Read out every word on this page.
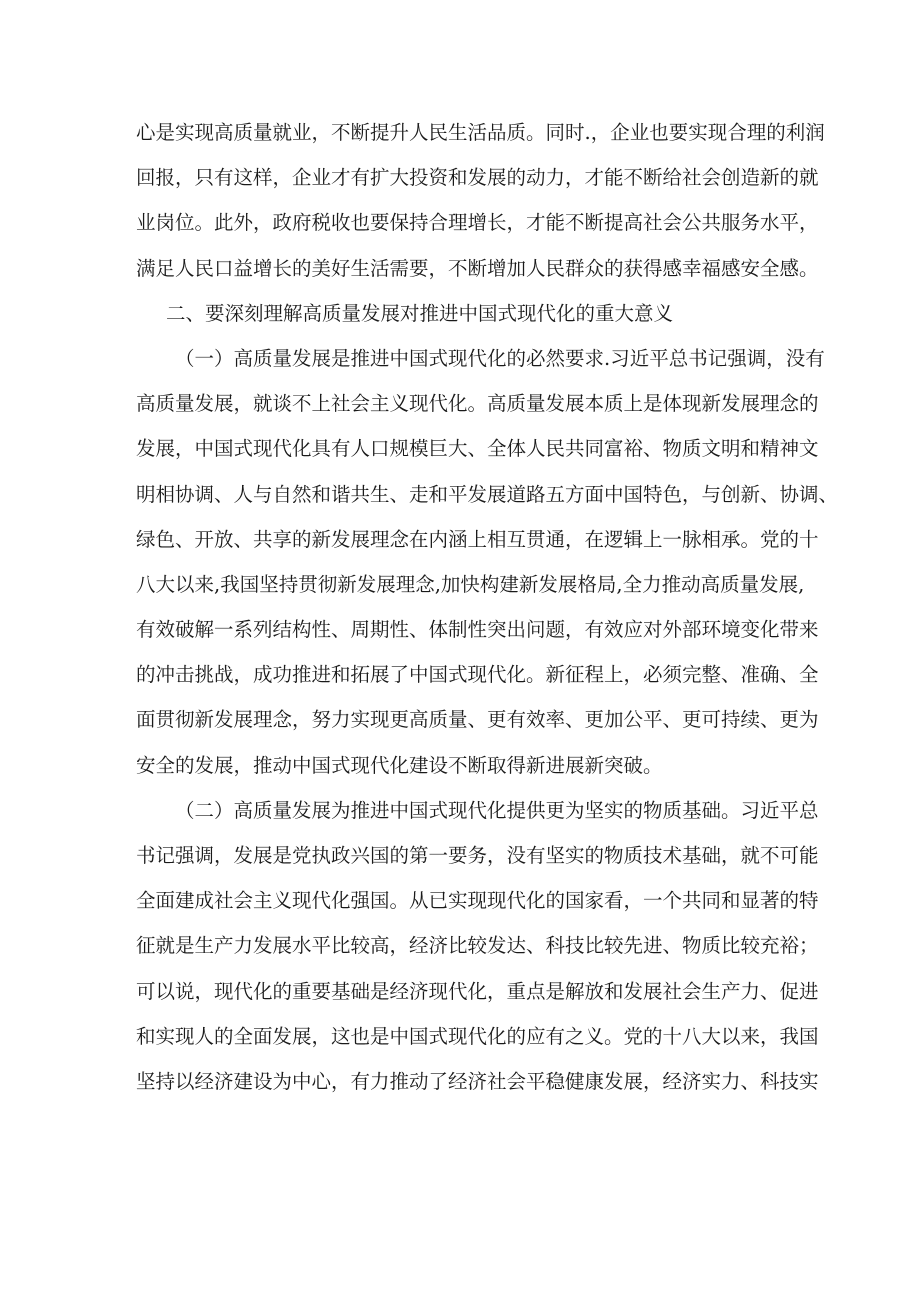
心是实现高质量就业，不断提升人民生活品质。同时.，企业也要实现合理的利润
回报，只有这样，企业才有扩大投资和发展的动力，才能不断给社会创造新的就
业岗位。此外，政府税收也要保持合理增长，才能不断提高社会公共服务水平，
满足人民口益增长的美好生活需要，不断增加人民群众的获得感幸福感安全感。
二、要深刻理解高质量发展对推进中国式现代化的重大意义
（一）高质量发展是推进中国式现代化的必然要求.习近平总书记强调，没有
高质量发展，就谈不上社会主义现代化。高质量发展本质上是体现新发展理念的
发展，中国式现代化具有人口规模巨大、全体人民共同富裕、物质文明和精神文
明相协调、人与自然和谐共生、走和平发展道路五方面中国特色，与创新、协调、
绿色、开放、共享的新发展理念在内涵上相互贯通，在逻辑上一脉相承。党的十
八大以来,我国坚持贯彻新发展理念,加快构建新发展格局,全力推动高质量发展,
有效破解一系列结构性、周期性、体制性突出问题，有效应对外部环境变化带来
的冲击挑战，成功推进和拓展了中国式现代化。新征程上，必须完整、准确、全
面贯彻新发展理念，努力实现更高质量、更有效率、更加公平、更可持续、更为
安全的发展，推动中国式现代化建设不断取得新进展新突破。
（二）高质量发展为推进中国式现代化提供更为坚实的物质基础。习近平总
书记强调，发展是党执政兴国的第一要务，没有坚实的物质技术基础，就不可能
全面建成社会主义现代化强国。从已实现现代化的国家看，一个共同和显著的特
征就是生产力发展水平比较高，经济比较发达、科技比较先进、物质比较充裕；
可以说，现代化的重要基础是经济现代化，重点是解放和发展社会生产力、促进
和实现人的全面发展，这也是中国式现代化的应有之义。党的十八大以来，我国
坚持以经济建设为中心，有力推动了经济社会平稳健康发展，经济实力、科技实
